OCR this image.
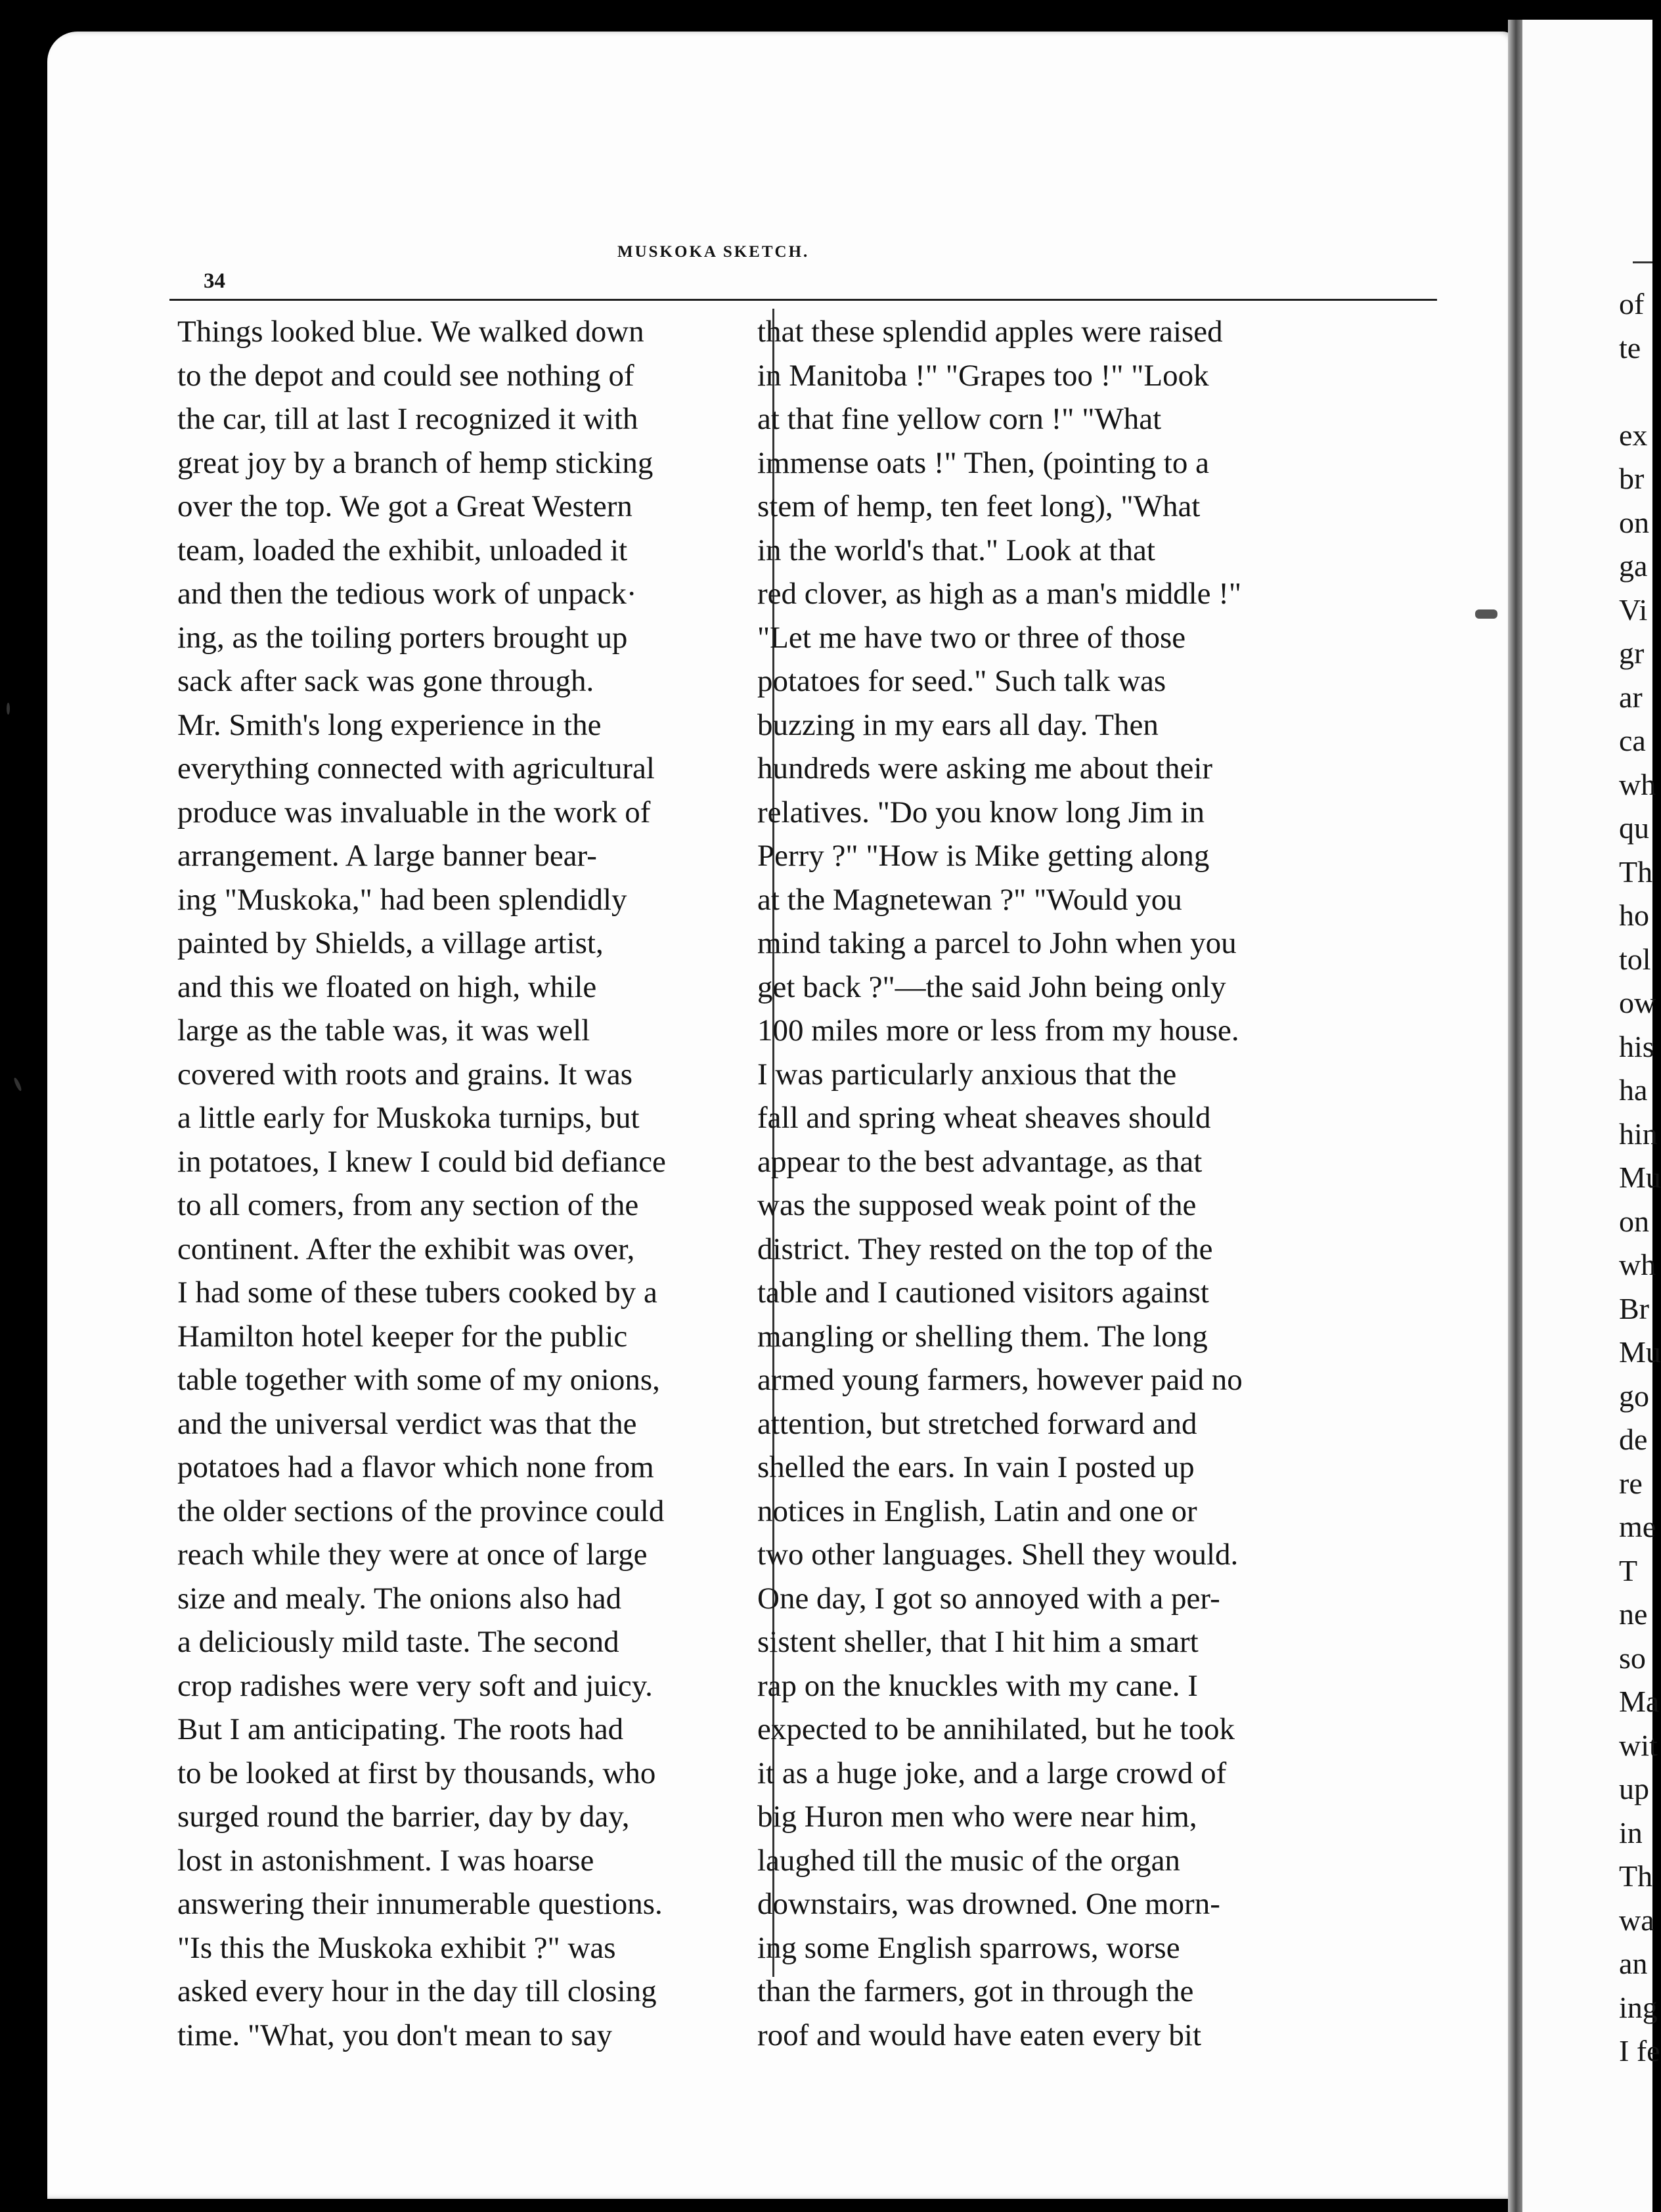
MUSKOKA SKETCH.
34
Things looked blue. We walked down
to the depot and could see nothing of
the car, till at last I recognized it with
great joy by a branch of hemp sticking
over the top. We got a Great Western
team, loaded the exhibit, unloaded it
and then the tedious work of unpack·
ing, as the toiling porters brought up
sack after sack was gone through.
Mr. Smith's long experience in the
everything connected with agricultural
produce was invaluable in the work of
arrangement. A large banner bear-
ing "Muskoka," had been splendidly
painted by Shields, a village artist,
and this we floated on high, while
large as the table was, it was well
covered with roots and grains. It was
a little early for Muskoka turnips, but
in potatoes, I knew I could bid defiance
to all comers, from any section of the
continent. After the exhibit was over,
I had some of these tubers cooked by a
Hamilton hotel keeper for the public
table together with some of my onions,
and the universal verdict was that the
potatoes had a flavor which none from
the older sections of the province could
reach while they were at once of large
size and mealy. The onions also had
a deliciously mild taste. The second
crop radishes were very soft and juicy.
But I am anticipating. The roots had
to be looked at first by thousands, who
surged round the barrier, day by day,
lost in astonishment. I was hoarse
answering their innumerable questions.
"Is this the Muskoka exhibit ?" was
asked every hour in the day till closing
time. "What, you don't mean to say
that these splendid apples were raised
in Manitoba !" "Grapes too !" "Look
at that fine yellow corn !" "What
immense oats !" Then, (pointing to a
stem of hemp, ten feet long), "What
in the world's that." Look at that
red clover, as high as a man's middle !"
"Let me have two or three of those
potatoes for seed." Such talk was
buzzing in my ears all day. Then
hundreds were asking me about their
relatives. "Do you know long Jim in
Perry ?" "How is Mike getting along
at the Magnetewan ?" "Would you
mind taking a parcel to John when you
get back ?"—the said John being only
100 miles more or less from my house.
I was particularly anxious that the
fall and spring wheat sheaves should
appear to the best advantage, as that
was the supposed weak point of the
district. They rested on the top of the
table and I cautioned visitors against
mangling or shelling them. The long
armed young farmers, however paid no
attention, but stretched forward and
shelled the ears. In vain I posted up
notices in English, Latin and one or
two other languages. Shell they would.
One day, I got so annoyed with a per-
sistent sheller, that I hit him a smart
rap on the knuckles with my cane. I
expected to be annihilated, but he took
it as a huge joke, and a large crowd of
big Huron men who were near him,
laughed till the music of the organ
downstairs, was drowned. One morn-
ing some English sparrows, worse
than the farmers, got in through the
roof and would have eaten every bit
of
te

ex
br
on
ga
Vi
gr
ar
ca
wh
qu
Th
ho
tol
ow
his
ha
hin
Mu
on
wh
Br
Mu
go
de
re
me
T
ne
so
Ma
wit
up
in
Th
wa
an
ing
I fe
